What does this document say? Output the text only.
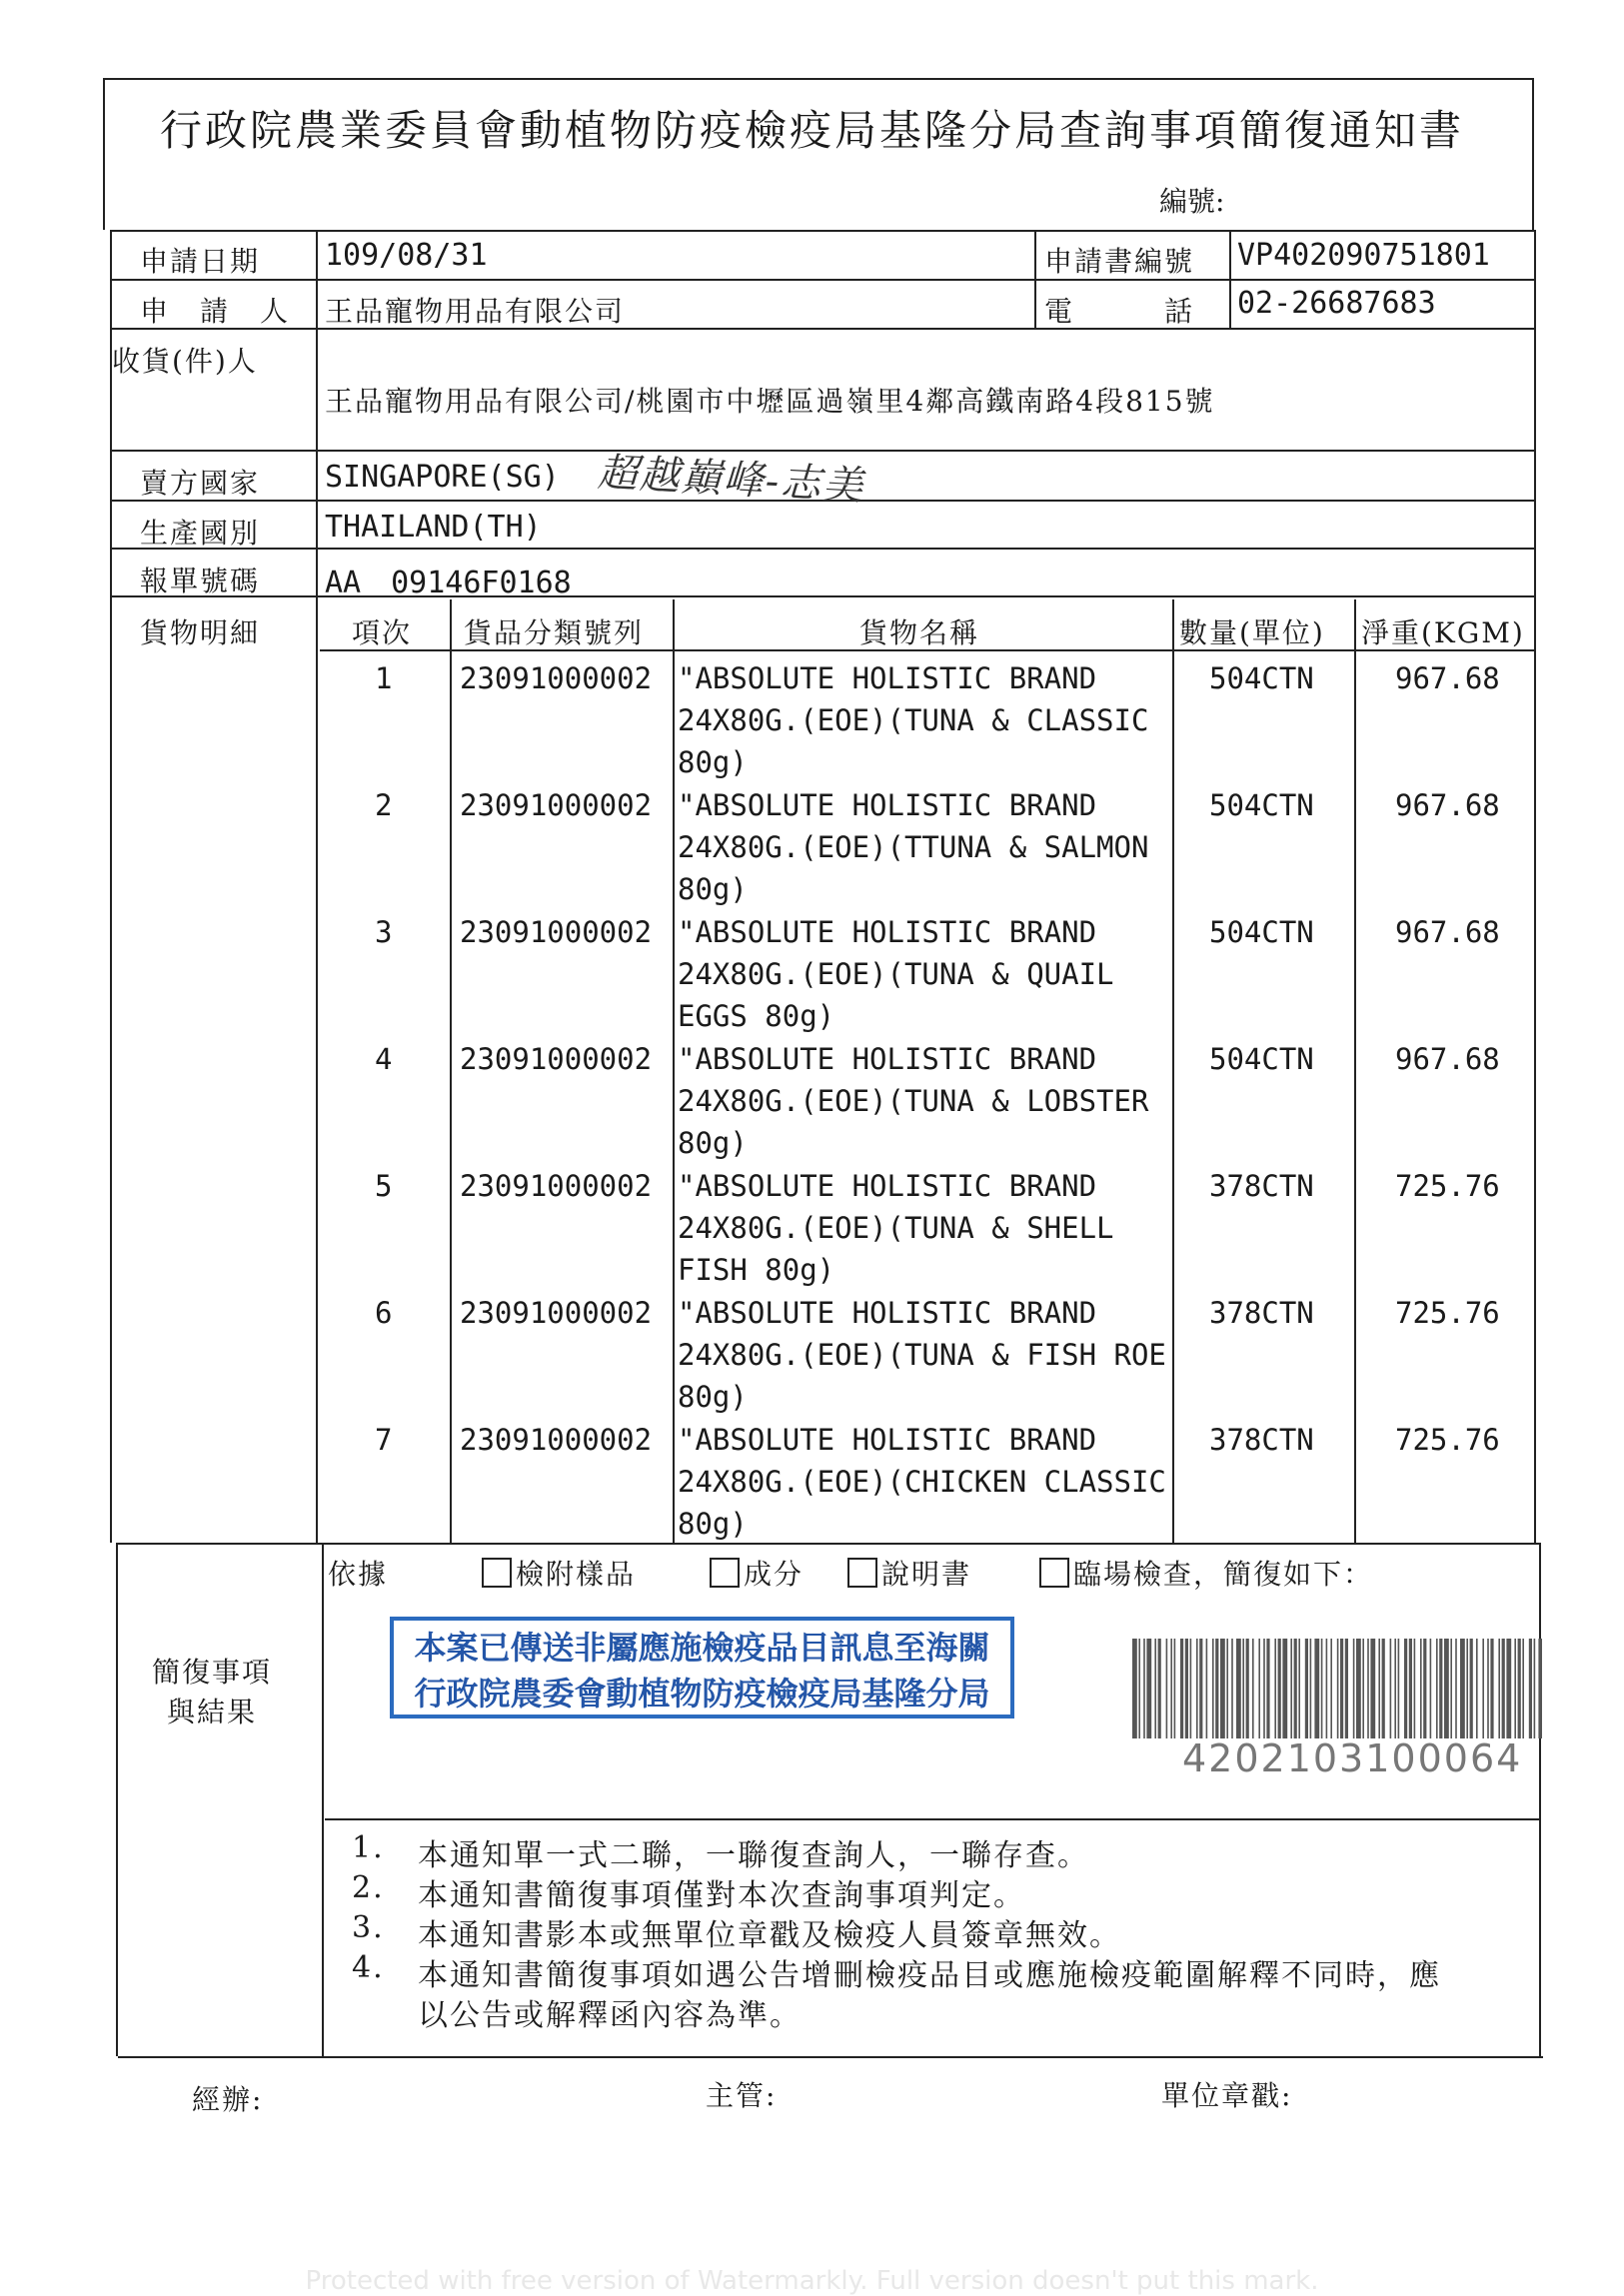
行政院農業委員會動植物防疫檢疫局基隆分局查詢事項簡復通知書
編號:
申請日期 109/08/31	申請書編號 VP402090751801
申　請　人 王品寵物用品有限公司	電　　　話 02-26687683
收貨(件)人
王品寵物用品有限公司/桃園市中壢區過嶺里4鄰高鐵南路4段815號
賣方國家 SINGAPORE(SG) 超越巔峰-志美
生產國別 THAILAND(TH)
報單號碼 AA　09146F0168
貨物明細	項次 貨品分類號列	貨物名稱	數量(單位) 淨重(KGM)
1 23091000002 "ABSOLUTE HOLISTIC BRAND
24X80G.(EOE)(TUNA & CLASSIC
80g)
504CTN	967.68
2 23091000002 "ABSOLUTE HOLISTIC BRAND
24X80G.(EOE)(TTUNA & SALMON
80g)
504CTN	967.68
3 23091000002 "ABSOLUTE HOLISTIC BRAND
24X80G.(EOE)(TUNA & QUAIL
EGGS 80g)
504CTN	967.68
4 23091000002 "ABSOLUTE HOLISTIC BRAND
24X80G.(EOE)(TUNA & LOBSTER
80g)
504CTN	967.68
5 23091000002 "ABSOLUTE HOLISTIC BRAND
24X80G.(EOE)(TUNA & SHELL
FISH 80g)
378CTN	725.76
6 23091000002 "ABSOLUTE HOLISTIC BRAND
24X80G.(EOE)(TUNA & FISH ROE
80g)
378CTN	725.76
7 23091000002 "ABSOLUTE HOLISTIC BRAND
24X80G.(EOE)(CHICKEN CLASSIC
80g)
378CTN	725.76
簡復事項
與結果
依據	檢附樣品	成分	說明書	臨場檢查，簡復如下：
本案已傳送非屬應施檢疫品目訊息至海關
行政院農委會動植物防疫檢疫局基隆分局
4202103100064
1. 本通知單一式二聯，一聯復查詢人，一聯存查。
2. 本通知書簡復事項僅對本次查詢事項判定。
3. 本通知書影本或無單位章戳及檢疫人員簽章無效。
4. 本通知書簡復事項如遇公告增刪檢疫品目或應施檢疫範圍解釋不同時，應
以公告或解釋函內容為準。
經辦:	主管:	單位章戳:
Protected with free version of Watermarkly. Full version doesn't put this mark.
